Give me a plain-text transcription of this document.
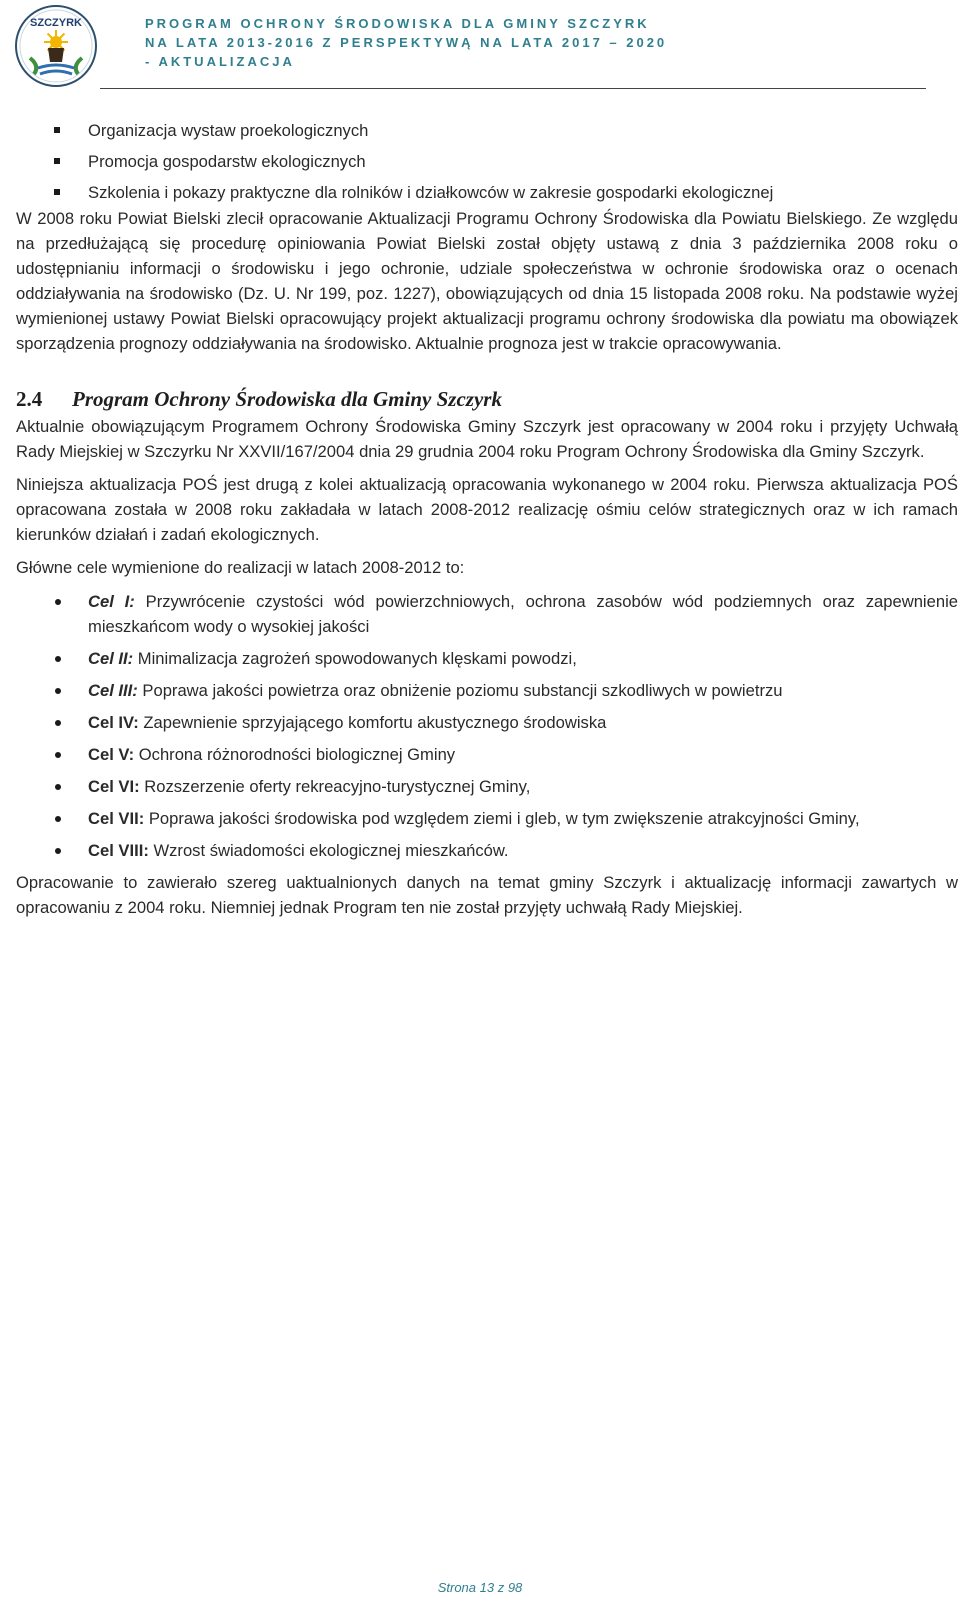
SZCZYRK	PROGRAM OCHRONY ŚRODOWISKA DLA GMINY SZCZYRK
NA LATA 2013-2016 Z PERSPEKTYWĄ NA LATA 2017 – 2020
- AKTUALIZACJA
Organizacja wystaw proekologicznych
Promocja gospodarstw ekologicznych
Szkolenia i pokazy praktyczne dla rolników i działkowców w zakresie gospodarki ekologicznej

W 2008 roku Powiat Bielski zlecił opracowanie Aktualizacji Programu Ochrony Środowiska dla Powiatu Bielskiego. Ze względu na przedłużającą się procedurę opiniowania Powiat Bielski został objęty ustawą z dnia 3 października 2008 roku o udostępnianiu informacji o środowisku i jego ochronie, udziale społeczeństwa w ochronie środowiska oraz o ocenach oddziaływania na środowisko (Dz. U. Nr 199, poz. 1227), obowiązujących od dnia 15 listopada 2008 roku. Na podstawie wyżej wymienionej ustawy Powiat Bielski opracowujący projekt aktualizacji programu ochrony środowiska dla powiatu ma obowiązek sporządzenia prognozy oddziaływania na środowisko. Aktualnie prognoza jest w trakcie opracowywania.

2.4 Program Ochrony Środowiska dla Gminy Szczyrk

Aktualnie obowiązującym Programem Ochrony Środowiska Gminy Szczyrk jest opracowany w 2004 roku i przyjęty Uchwałą Rady Miejskiej w Szczyrku Nr XXVII/167/2004 dnia 29 grudnia 2004 roku Program Ochrony Środowiska dla Gminy Szczyrk.

Niniejsza aktualizacja POŚ jest drugą z kolei aktualizacją opracowania wykonanego w 2004 roku. Pierwsza aktualizacja POŚ opracowana została w 2008 roku zakładała w latach 2008-2012 realizację ośmiu celów strategicznych oraz w ich ramach kierunków działań i zadań ekologicznych.

Główne cele wymienione do realizacji w latach 2008-2012 to:

Cel I: Przywrócenie czystości wód powierzchniowych, ochrona zasobów wód podziemnych oraz zapewnienie mieszkańcom wody o wysokiej jakości
Cel II: Minimalizacja zagrożeń spowodowanych klęskami powodzi,
Cel III: Poprawa jakości powietrza oraz obniżenie poziomu substancji szkodliwych w powietrzu
Cel IV: Zapewnienie sprzyjającego komfortu akustycznego środowiska
Cel V: Ochrona różnorodności biologicznej Gminy
Cel VI: Rozszerzenie oferty rekreacyjno-turystycznej Gminy,
Cel VII: Poprawa jakości środowiska pod względem ziemi i gleb, w tym zwiększenie atrakcyjności Gminy,
Cel VIII: Wzrost świadomości ekologicznej mieszkańców.

Opracowanie to zawierało szereg uaktualnionych danych na temat gminy Szczyrk i aktualizację informacji zawartych w opracowaniu z 2004 roku. Niemniej jednak Program ten nie został przyjęty uchwałą Rady Miejskiej.

Strona 13 z 98
